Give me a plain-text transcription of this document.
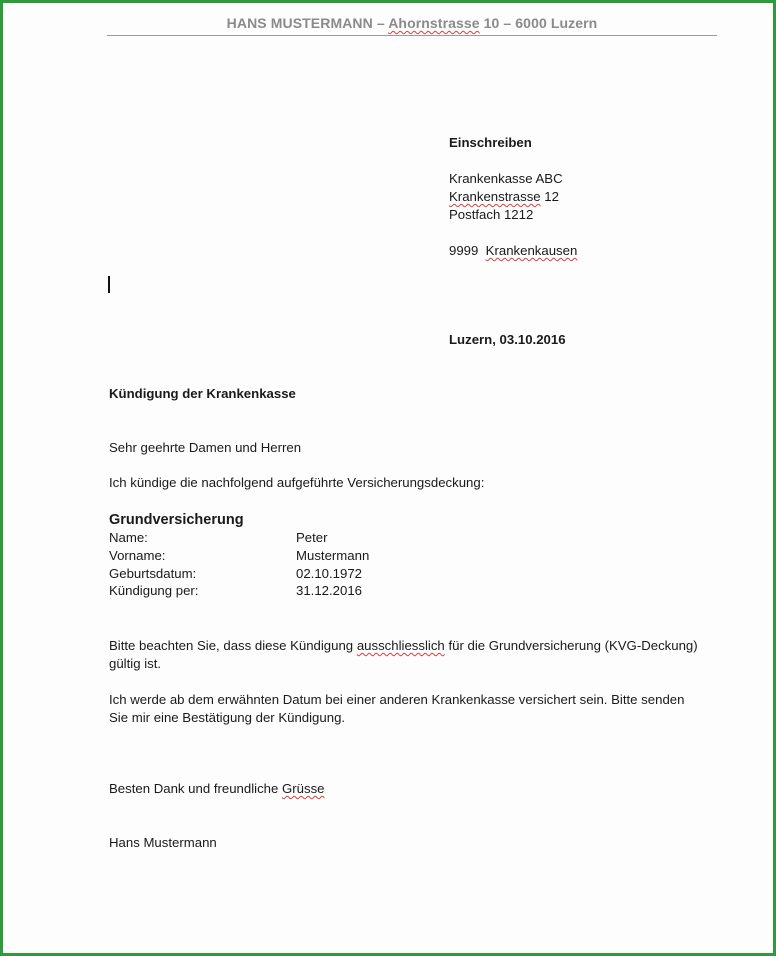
HANS MUSTERMANN – Ahornstrasse 10 – 6000 Luzern
Einschreiben
Krankenkasse ABC
Krankenstrasse 12
Postfach 1212
9999 Krankenkausen
Luzern, 03.10.2016
Kündigung der Krankenkasse
Sehr geehrte Damen und Herren
Ich kündige die nachfolgend aufgeführte Versicherungsdeckung:
Grundversicherung
Name:	Peter
Vorname:	Mustermann
Geburtsdatum:	02.10.1972
Kündigung per:	31.12.2016
Bitte beachten Sie, dass diese Kündigung ausschliesslich für die Grundversicherung (KVG-Deckung) gültig ist.
Ich werde ab dem erwähnten Datum bei einer anderen Krankenkasse versichert sein. Bitte senden Sie mir eine Bestätigung der Kündigung.
Besten Dank und freundliche Grüsse
Hans Mustermann
